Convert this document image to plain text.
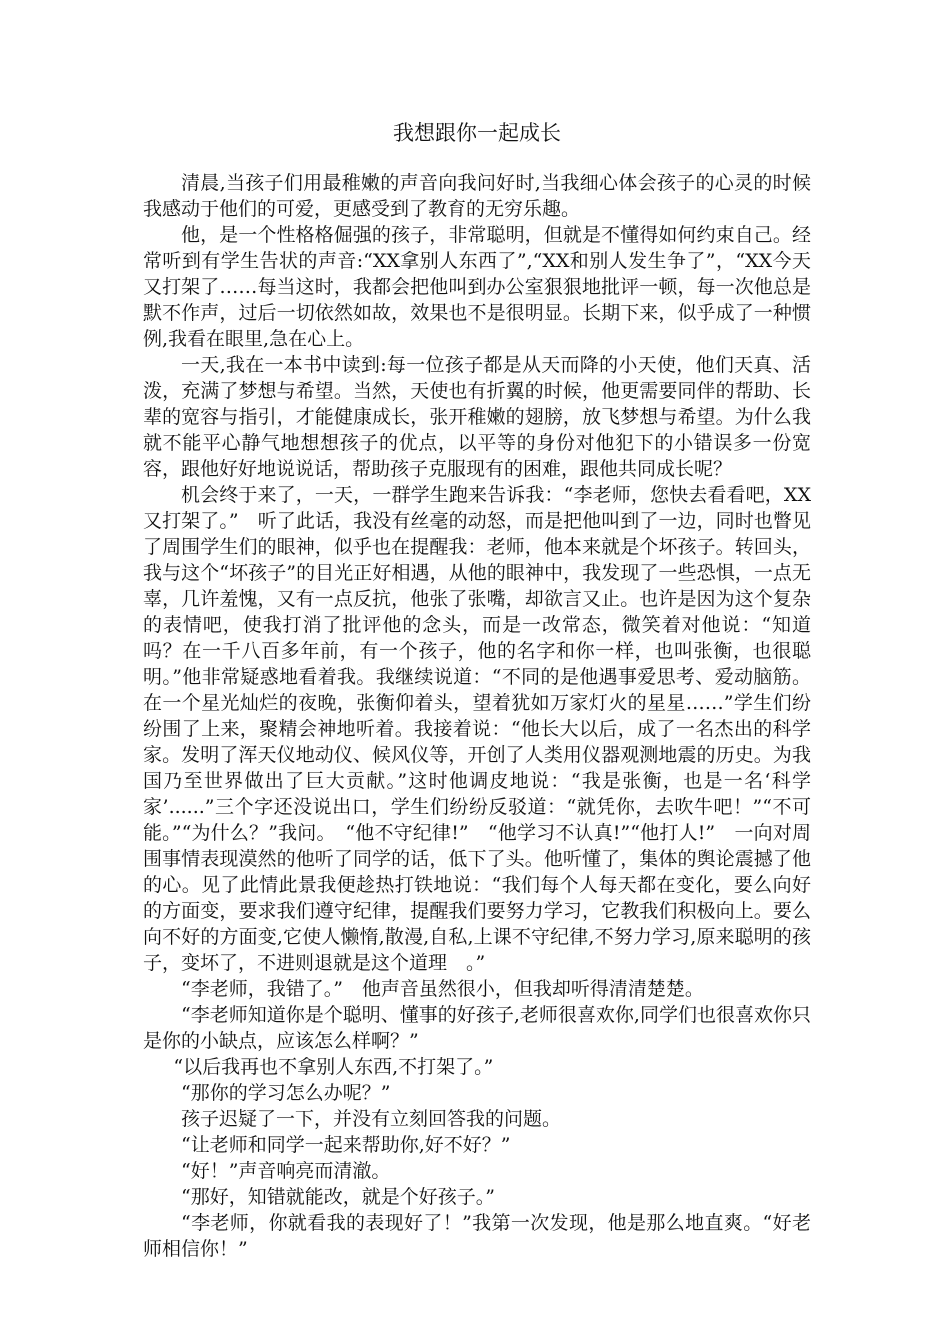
我想跟你一起成长

清晨,当孩子们用最稚嫩的声音向我问好时,当我细心体会孩子的心灵的时候我感动于他们的可爱，更感受到了教育的无穷乐趣。

他，是一个性格格倔强的孩子，非常聪明，但就是不懂得如何约束自己。经常听到有学生告状的声音:“XX拿别人东西了”,“XX和别人发生争了”，“XX今天又打架了……每当这时，我都会把他叫到办公室狠狠地批评一顿，每一次他总是默不作声，过后一切依然如故，效果也不是很明显。长期下来，似乎成了一种惯例,我看在眼里,急在心上。

一天,我在一本书中读到:每一位孩子都是从天而降的小天使，他们天真、活泼，充满了梦想与希望。当然，天使也有折翼的时候，他更需要同伴的帮助、长辈的宽容与指引，才能健康成长，张开稚嫩的翅膀，放飞梦想与希望。为什么我就不能平心静气地想想孩子的优点，以平等的身份对他犯下的小错误多一份宽容，跟他好好地说说话，帮助孩子克服现有的困难，跟他共同成长呢？

机会终于来了，一天，一群学生跑来告诉我：“李老师，您快去看看吧，XX又打架了。”　听了此话，我没有丝毫的动怒，而是把他叫到了一边，同时也瞥见了周围学生们的眼神，似乎也在提醒我：老师，他本来就是个坏孩子。转回头，我与这个“坏孩子”的目光正好相遇，从他的眼神中，我发现了一些恐惧，一点无辜，几许羞愧，又有一点反抗，他张了张嘴，却欲言又止。也许是因为这个复杂的表情吧，使我打消了批评他的念头，而是一改常态，微笑着对他说：“知道吗？在一千八百多年前，有一个孩子，他的名字和你一样，也叫张衡，也很聪明。”他非常疑惑地看着我。我继续说道：“不同的是他遇事爱思考、爱动脑筋。在一个星光灿烂的夜晚，张衡仰着头，望着犹如万家灯火的星星……”学生们纷纷围了上来，聚精会神地听着。我接着说：“他长大以后，成了一名杰出的科学家。发明了浑天仪地动仪、候风仪等，开创了人类用仪器观测地震的历史。为我国乃至世界做出了巨大贡献。”这时他调皮地说：“我是张衡，也是一名‘科学家’......”三个字还没说出口，学生们纷纷反驳道：“就凭你，去吹牛吧！”“不可能。”“为什么？”我问。　“他不守纪律!”　“他学习不认真!”“他打人!”　一向对周围事情表现漠然的他听了同学的话，低下了头。他听懂了，集体的舆论震撼了他的心。见了此情此景我便趁热打铁地说：“我们每个人每天都在变化，要么向好的方面变，要求我们遵守纪律，提醒我们要努力学习，它教我们积极向上。要么向不好的方面变,它使人懒惰,散漫,自私,上课不守纪律,不努力学习,原来聪明的孩子，变坏了，不进则退就是这个道理　。”

“李老师，我错了。”　他声音虽然很小，但我却听得清清楚楚。

“李老师知道你是个聪明、懂事的好孩子,老师很喜欢你,同学们也很喜欢你只是你的小缺点，应该怎么样啊？”

“以后我再也不拿别人东西,不打架了。”

“那你的学习怎么办呢？”

孩子迟疑了一下，并没有立刻回答我的问题。

“让老师和同学一起来帮助你,好不好？”

“好！”声音响亮而清澈。

“那好，知错就能改，就是个好孩子。”

“李老师，你就看我的表现好了！”我第一次发现，他是那么地直爽。“好老师相信你！”
